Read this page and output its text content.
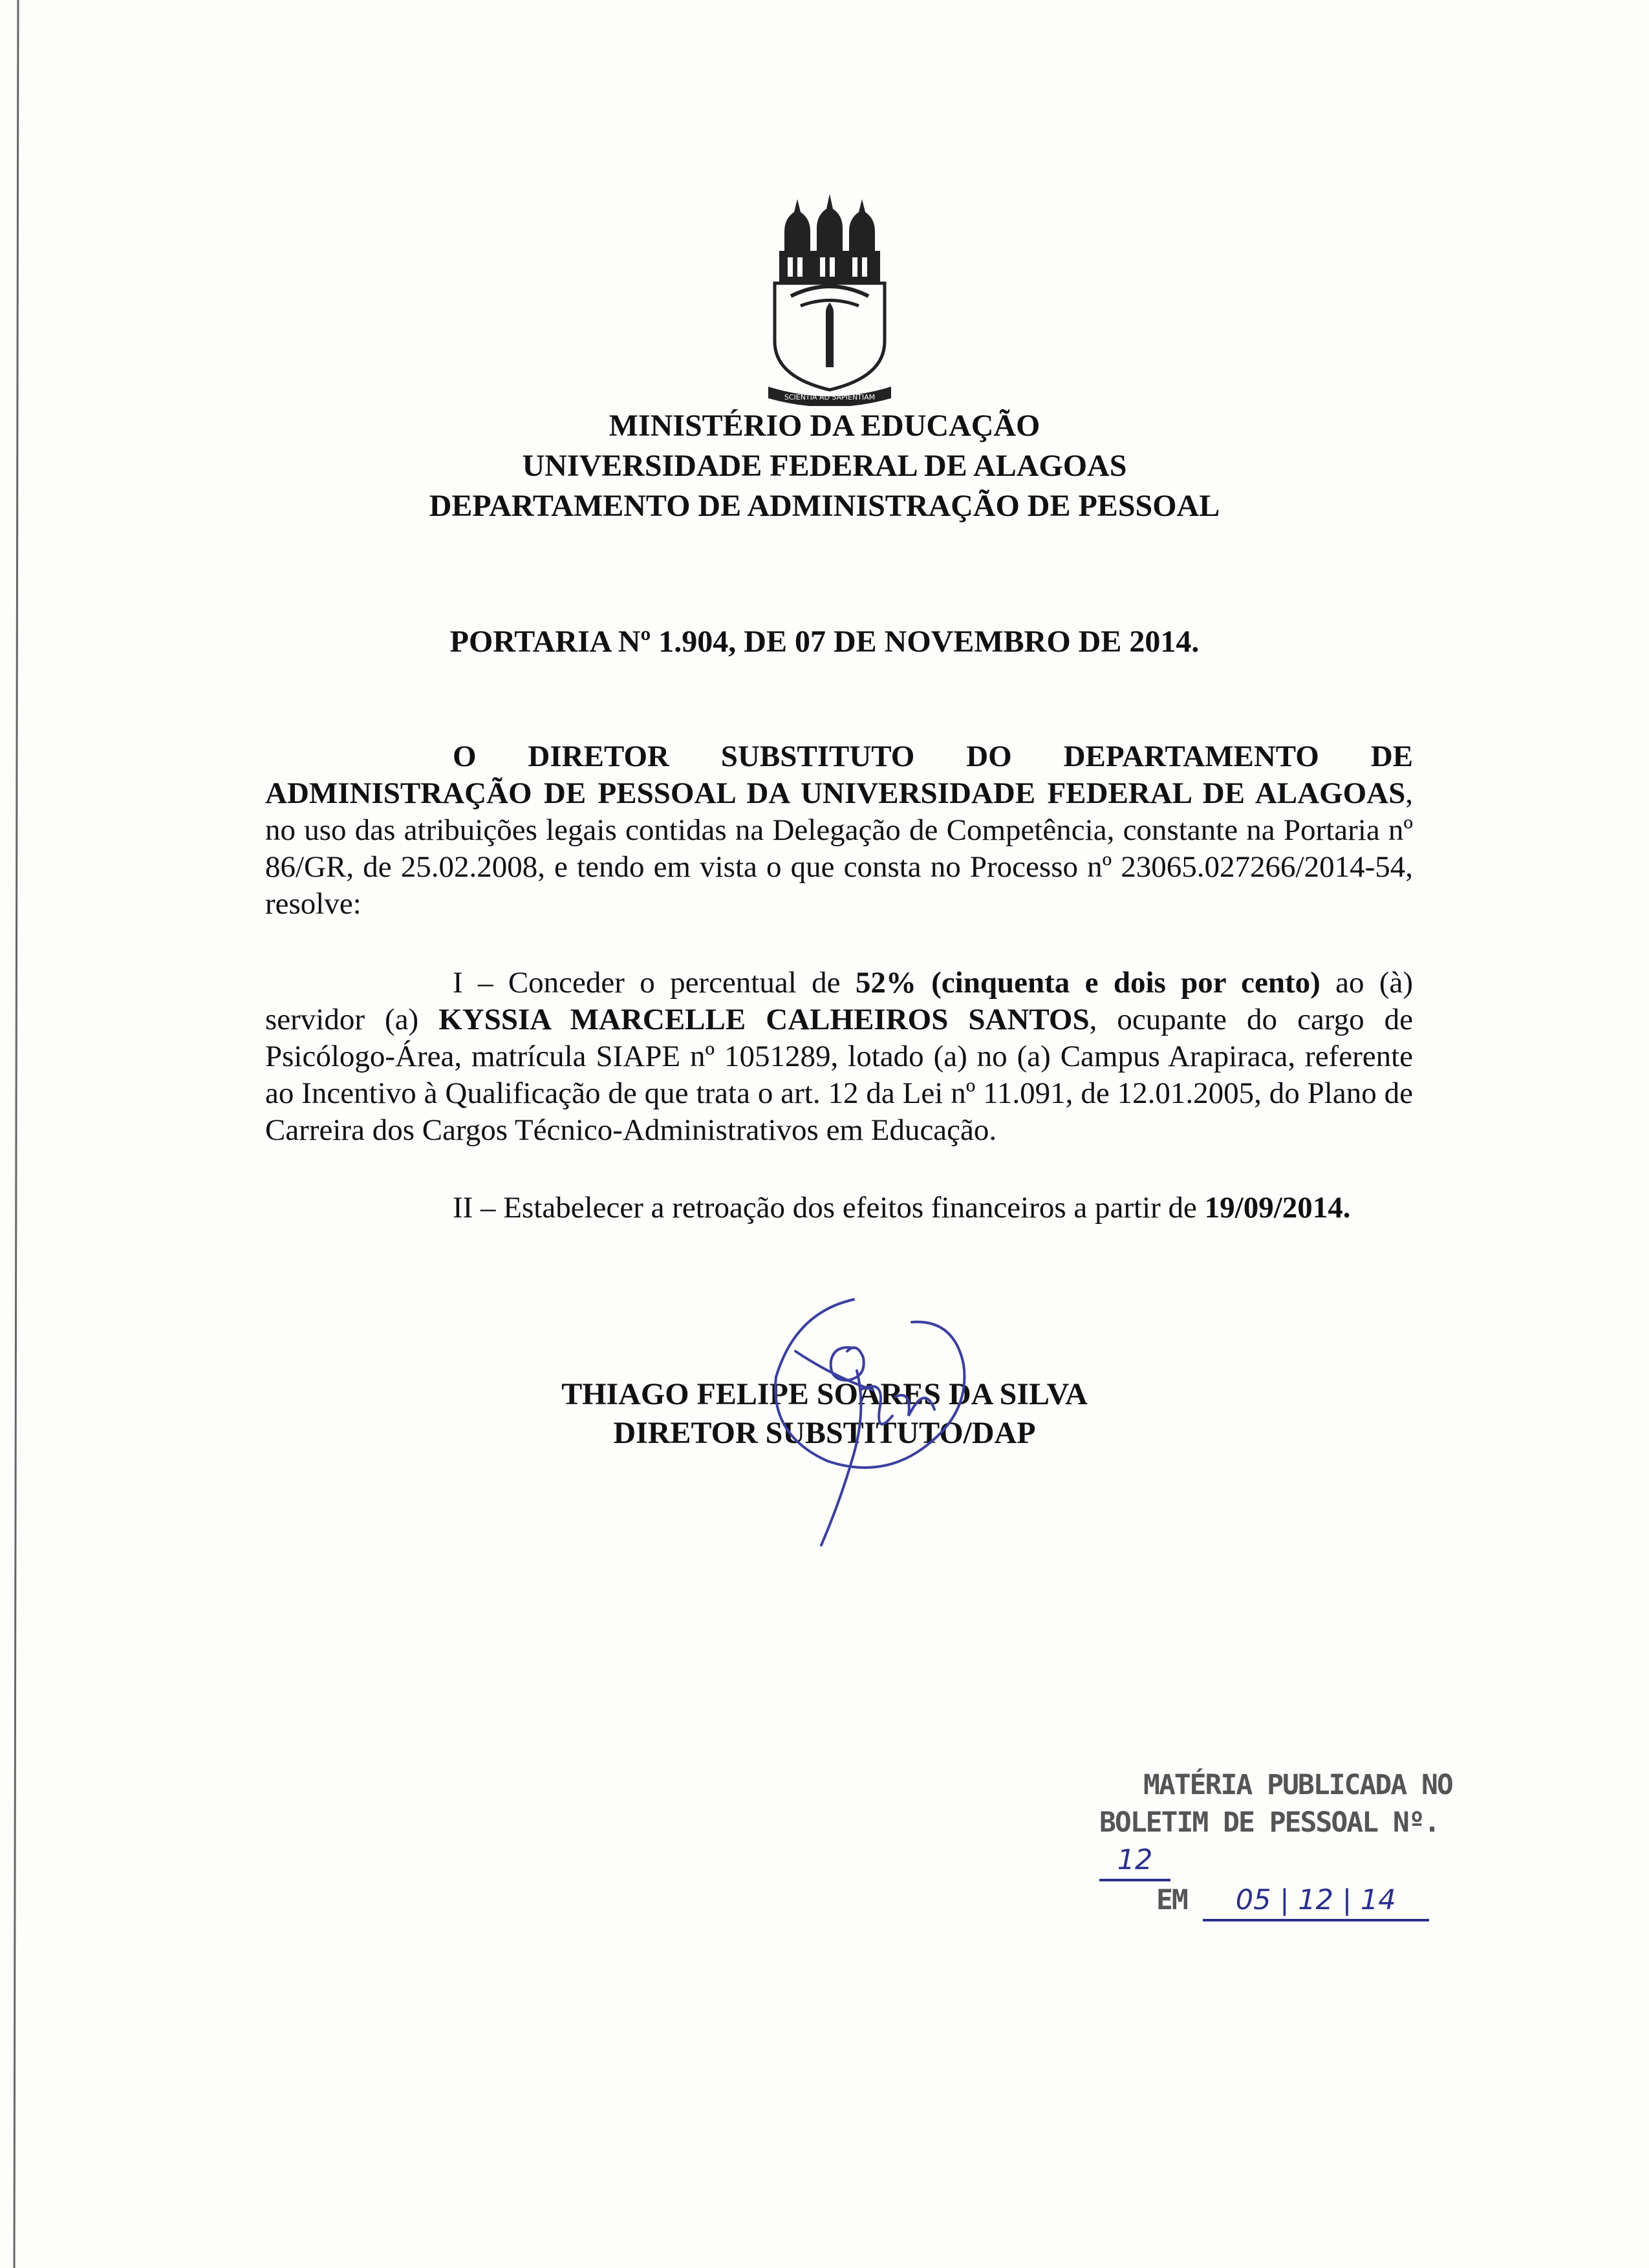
SCIENTIA AD SAPIENTIAM
MINISTÉRIO DA EDUCAÇÃO
UNIVERSIDADE FEDERAL DE ALAGOAS
DEPARTAMENTO DE ADMINISTRAÇÃO DE PESSOAL
PORTARIA Nº 1.904, DE 07 DE NOVEMBRO DE 2014.
O DIRETOR SUBSTITUTO DO DEPARTAMENTO DE ADMINISTRAÇÃO DE PESSOAL DA UNIVERSIDADE FEDERAL DE ALAGOAS, no uso das atribuições legais contidas na Delegação de Competência, constante na Portaria nº 86/GR, de 25.02.2008, e tendo em vista o que consta no Processo nº 23065.027266/2014-54, resolve:
I – Conceder o percentual de 52% (cinquenta e dois por cento) ao (à) servidor (a) KYSSIA MARCELLE CALHEIROS SANTOS, ocupante do cargo de Psicólogo-Área, matrícula SIAPE nº 1051289, lotado (a) no (a) Campus Arapiraca, referente ao Incentivo à Qualificação de que trata o art. 12 da Lei nº 11.091, de 12.01.2005, do Plano de Carreira dos Cargos Técnico-Administrativos em Educação.
II – Estabelecer a retroação dos efeitos financeiros a partir de 19/09/2014.
THIAGO FELIPE SOARES DA SILVA
DIRETOR SUBSTITUTO/DAP
MATÉRIA PUBLICADA NO
BOLETIM DE PESSOAL Nº. 12
EM 05 | 12 | 14
